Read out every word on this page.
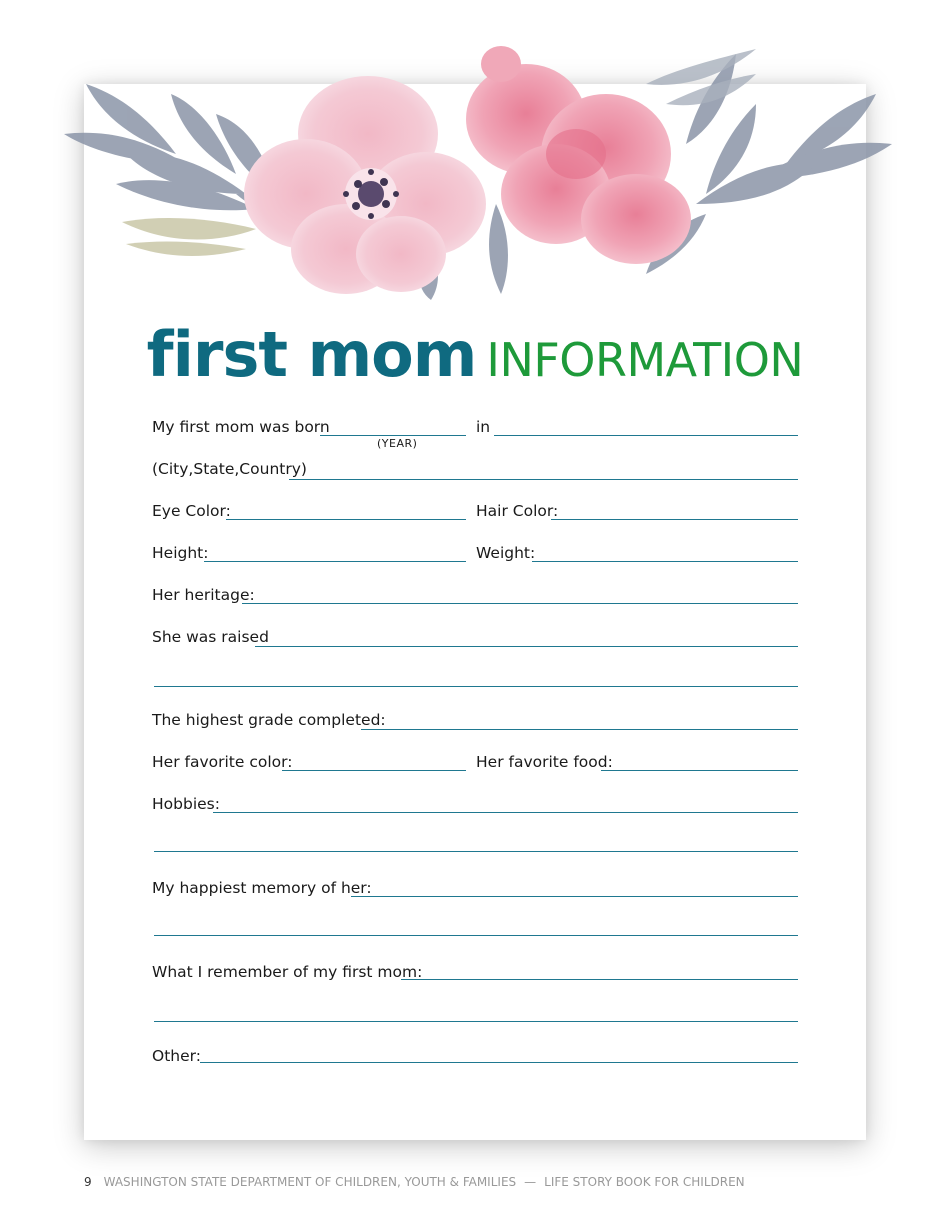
first mom INFORMATION
My first mom was born
(YEAR)
in
(City,State,Country)
Eye Color:	Hair Color:
Height:	Weight:
Her heritage:
She was raised
The highest grade completed:
Her favorite color:	Her favorite food:
Hobbies:
My happiest memory of her:
What I remember of my first mom:
Other:
9 WASHINGTON STATE DEPARTMENT OF CHILDREN, YOUTH & FAMILIES — LIFE STORY BOOK FOR CHILDREN
